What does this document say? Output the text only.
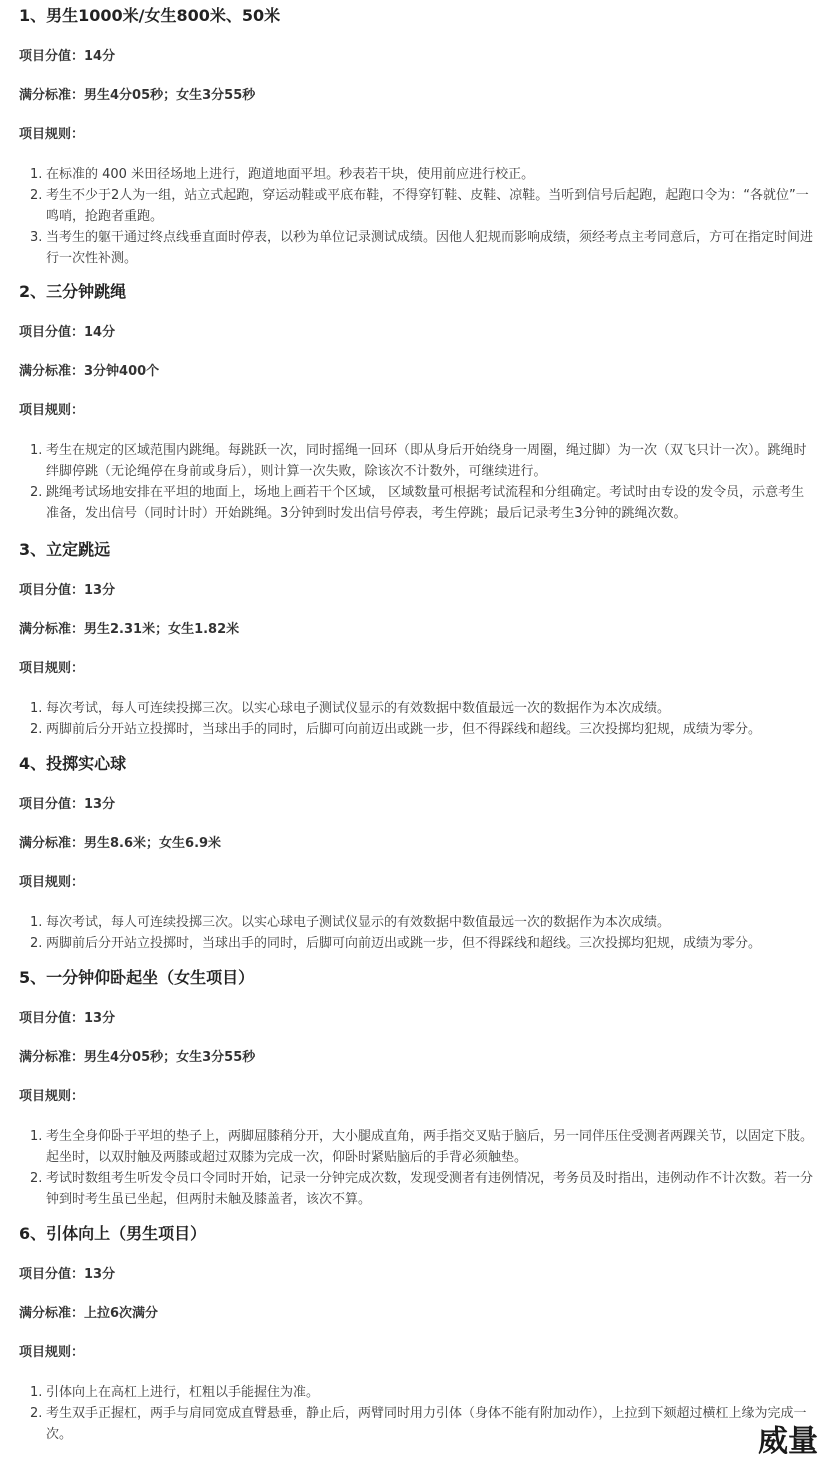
1、男生1000米/女生800米、50米
项目分值：14分
满分标准：男生4分05秒；女生3分55秒
项目规则：
1. 在标准的 400 米田径场地上进行，跑道地面平坦。秒表若干块，使用前应进行校正。
2. 考生不少于2人为一组，站立式起跑，穿运动鞋或平底布鞋，不得穿钉鞋、皮鞋、凉鞋。当听到信号后起跑，起跑口令为：“各就位”一鸣哨，抢跑者重跑。
3. 当考生的躯干通过终点线垂直面时停表，以秒为单位记录测试成绩。因他人犯规而影响成绩，须经考点主考同意后，方可在指定时间进行一次性补测。
2、三分钟跳绳
项目分值：14分
满分标准：3分钟400个
项目规则：
1. 考生在规定的区域范围内跳绳。每跳跃一次，同时摇绳一回环（即从身后开始绕身一周圈，绳过脚）为一次（双飞只计一次）。跳绳时绊脚停跳（无论绳停在身前或身后），则计算一次失败，除该次不计数外，可继续进行。
2. 跳绳考试场地安排在平坦的地面上，场地上画若干个区域， 区域数量可根据考试流程和分组确定。考试时由专设的发令员，示意考生准备，发出信号（同时计时）开始跳绳。3分钟到时发出信号停表，考生停跳；最后记录考生3分钟的跳绳次数。
3、立定跳远
项目分值：13分
满分标准：男生2.31米；女生1.82米
项目规则：
1. 每次考试，每人可连续投掷三次。以实心球电子测试仪显示的有效数据中数值最远一次的数据作为本次成绩。
2. 两脚前后分开站立投掷时，当球出手的同时，后脚可向前迈出或跳一步，但不得踩线和超线。三次投掷均犯规，成绩为零分。
4、投掷实心球
项目分值：13分
满分标准：男生8.6米；女生6.9米
项目规则：
1. 每次考试，每人可连续投掷三次。以实心球电子测试仪显示的有效数据中数值最远一次的数据作为本次成绩。
2. 两脚前后分开站立投掷时，当球出手的同时，后脚可向前迈出或跳一步，但不得踩线和超线。三次投掷均犯规，成绩为零分。
5、一分钟仰卧起坐（女生项目）
项目分值：13分
满分标准：男生4分05秒；女生3分55秒
项目规则：
1. 考生全身仰卧于平坦的垫子上，两脚屈膝稍分开，大小腿成直角，两手指交叉贴于脑后，另一同伴压住受测者两踝关节，以固定下肢。起坐时，以双肘触及两膝或超过双膝为完成一次，仰卧时紧贴脑后的手背必须触垫。
2. 考试时数组考生听发令员口令同时开始，记录一分钟完成次数，发现受测者有违例情况，考务员及时指出，违例动作不计次数。若一分钟到时考生虽已坐起，但两肘未触及膝盖者，该次不算。
6、引体向上（男生项目）
项目分值：13分
满分标准：上拉6次满分
项目规则：
1. 引体向上在高杠上进行，杠粗以手能握住为准。
2. 考生双手正握杠，两手与肩同宽成直臂悬垂，静止后，两臂同时用力引体（身体不能有附加动作），上拉到下颏超过横杠上缘为完成一次。	威量
